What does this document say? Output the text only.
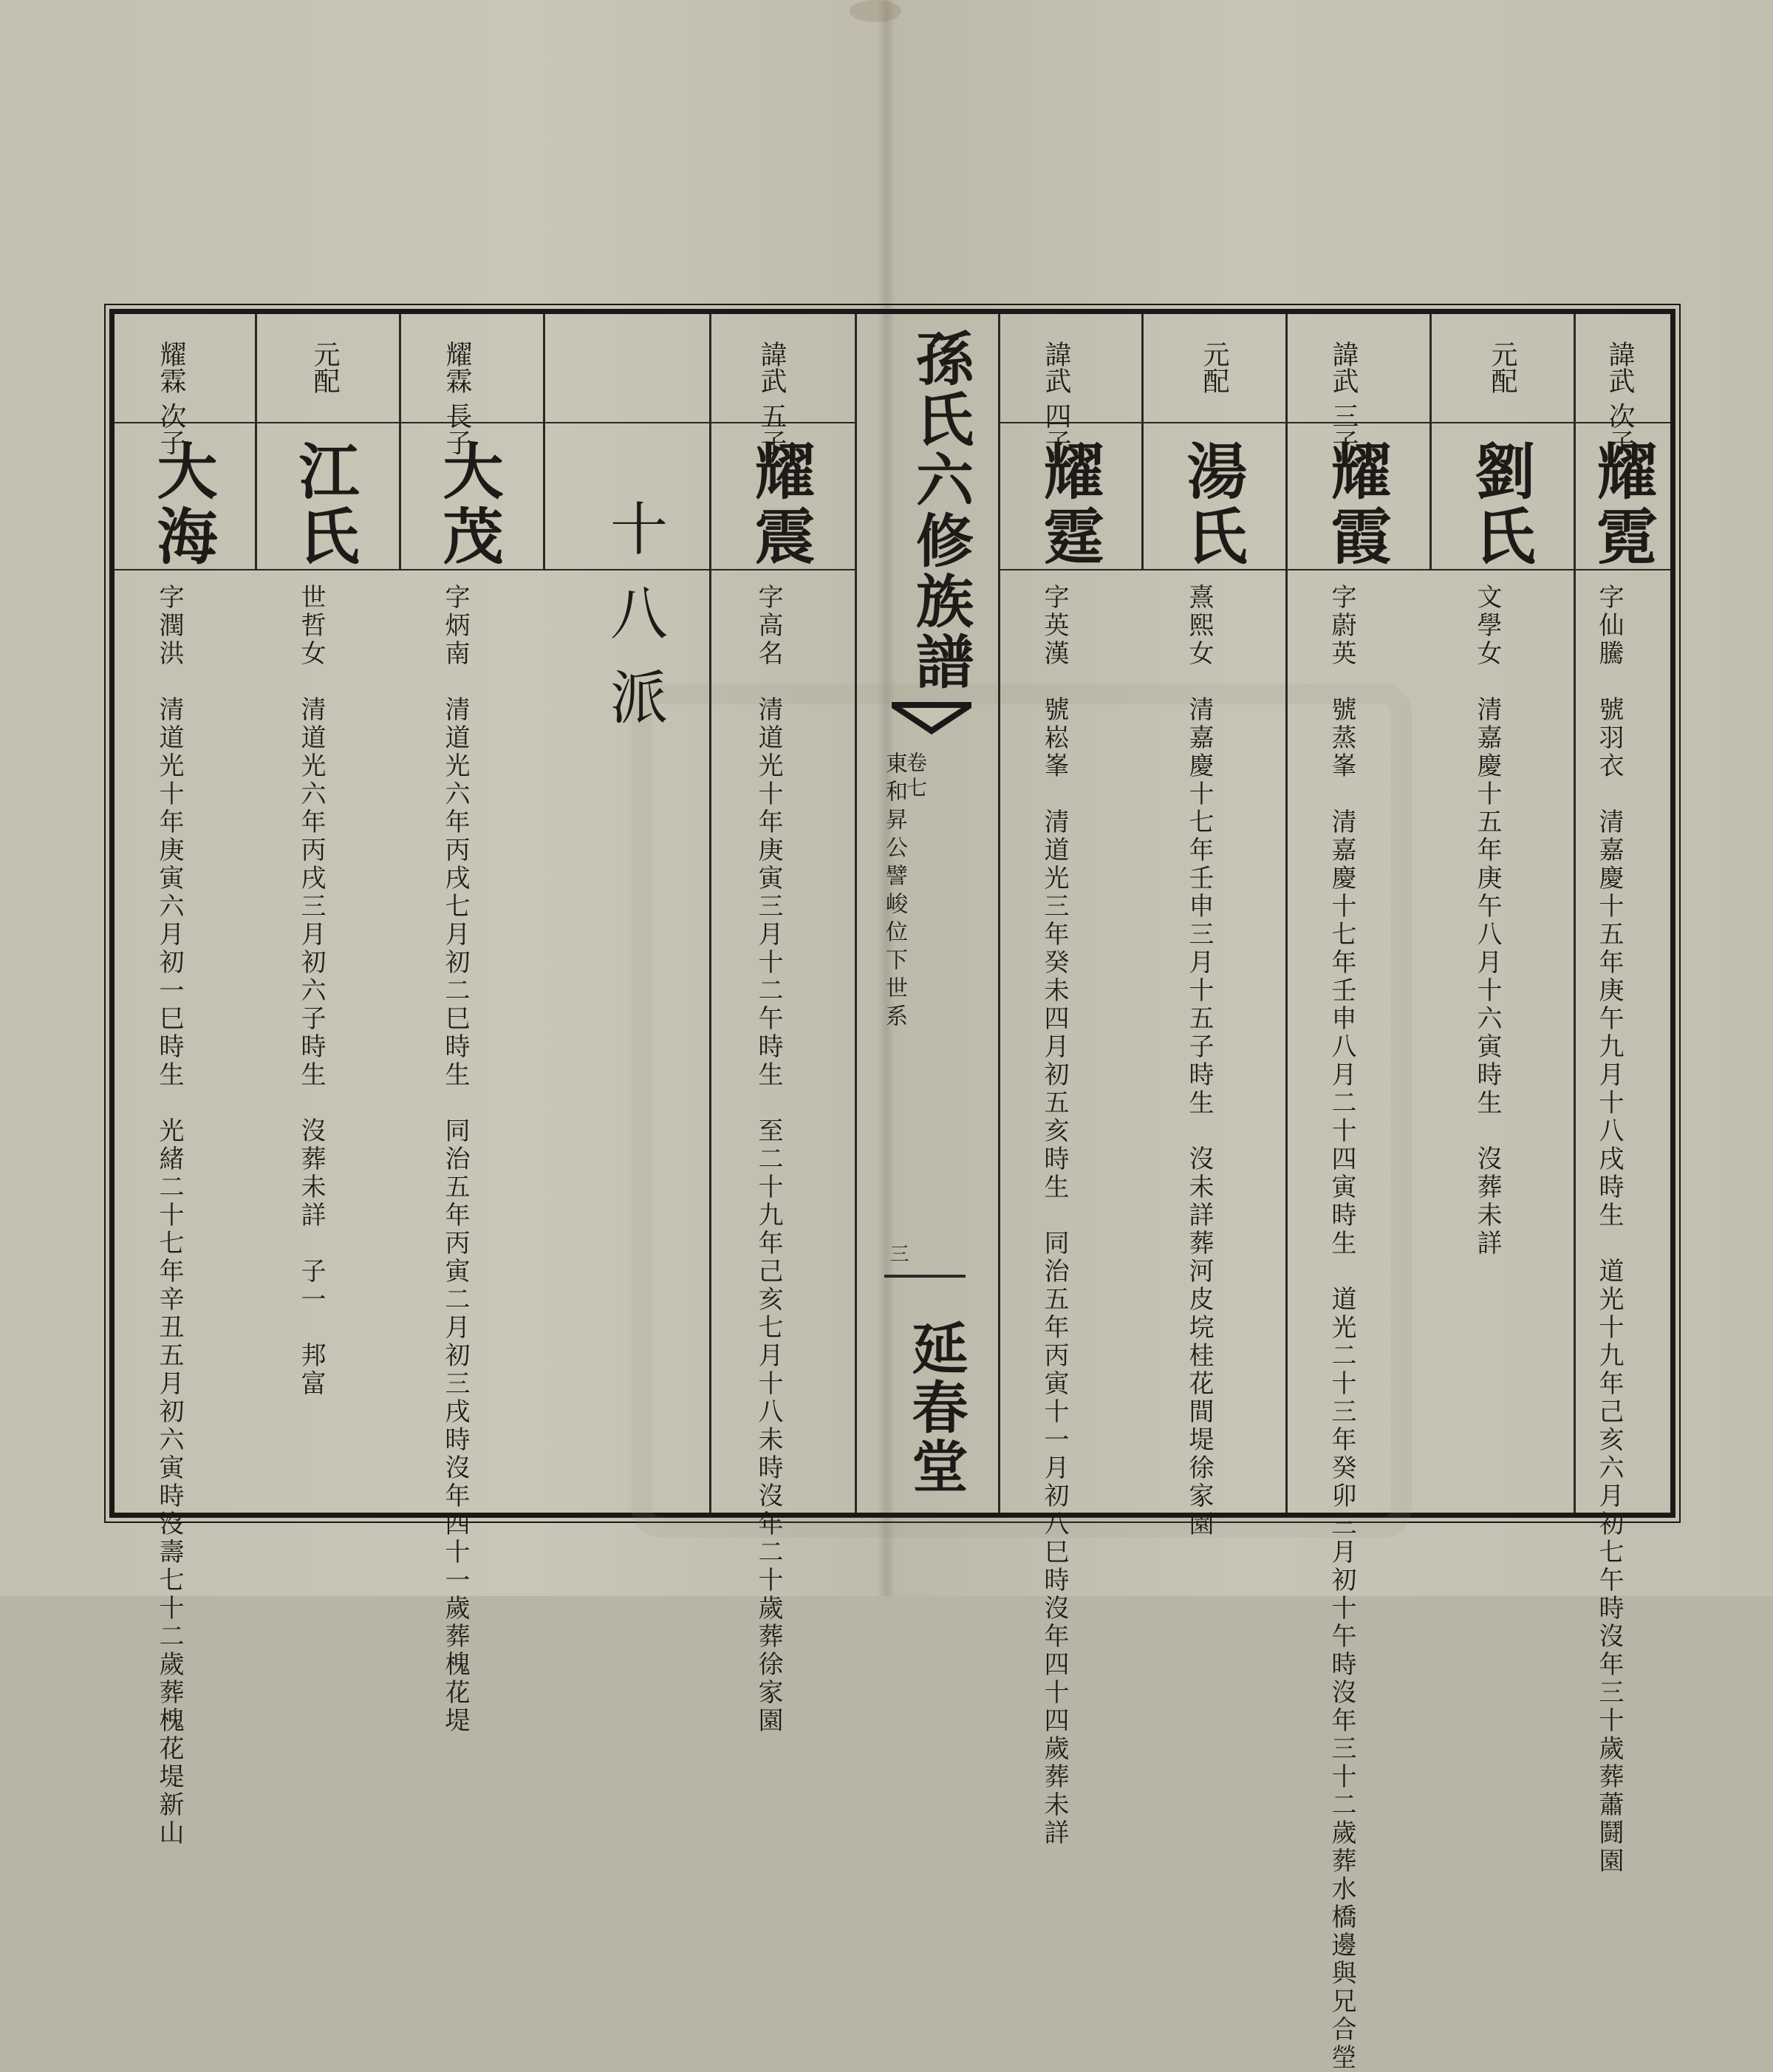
諱武 五子
耀震
字高名　清道光十年庚寅三月十二午時生　至二十九年己亥七月十八未時沒年二十歲葬徐家園
十八派
耀霖 長子
大茂
字炳南　清道光六年丙戌七月初二巳時生　同治五年丙寅二月初三戌時沒年四十一歲葬槐花堤
元配
江氏
世哲女　清道光六年丙戌三月初六子時生　沒葬未詳　子一　邦富
耀霖 次子
大海
字潤洪　清道光十年庚寅六月初一巳時生　光緒二十七年辛丑五月初六寅時沒壽七十二歲葬槐花堤新山
孫氏六修族譜
卷七
東和昇公譬峻位下世系
三
延春堂
諱武 次子
耀霓
字仙騰　號羽衣　清嘉慶十五年庚午九月十八戌時生　道光十九年己亥六月初七午時沒年三十歲葬蕭鬪園
元配
劉氏
文學女　清嘉慶十五年庚午八月十六寅時生　沒葬未詳
諱武 三子
耀霞
字蔚英　號蒸峯　清嘉慶十七年壬申八月二十四寅時生　道光二十三年癸卯三月初十午時沒年三十二歲葬水橋邊與兄合塋
元配
湯氏
熹熙女　清嘉慶十七年壬申三月十五子時生　沒未詳葬河皮垸桂花間堤徐家園
諱武 四子
耀霆
字英漢　號崧峯　清道光三年癸未四月初五亥時生　同治五年丙寅十一月初八巳時沒年四十四歲葬未詳
